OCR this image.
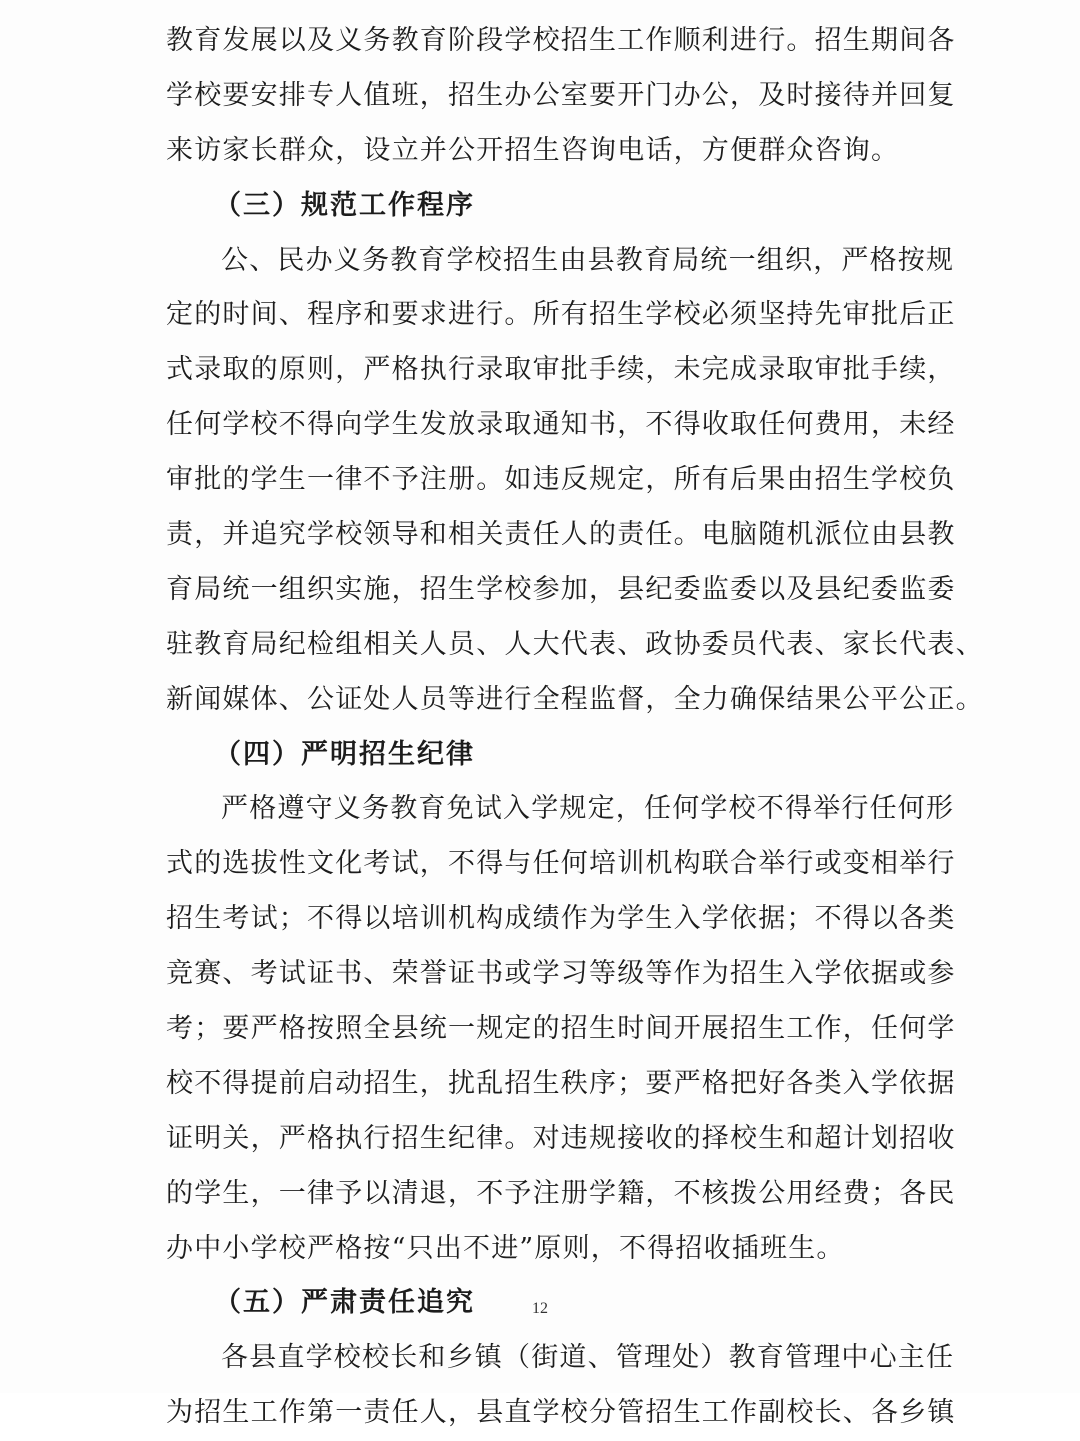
教育发展以及义务教育阶段学校招生工作顺利进行。招生期间各
学校要安排专人值班，招生办公室要开门办公，及时接待并回复
来访家长群众，设立并公开招生咨询电话，方便群众咨询。
（三）规范工作程序
公、民办义务教育学校招生由县教育局统一组织，严格按规
定的时间、程序和要求进行。所有招生学校必须坚持先审批后正
式录取的原则，严格执行录取审批手续，未完成录取审批手续，
任何学校不得向学生发放录取通知书，不得收取任何费用，未经
审批的学生一律不予注册。如违反规定，所有后果由招生学校负
责，并追究学校领导和相关责任人的责任。电脑随机派位由县教
育局统一组织实施，招生学校参加，县纪委监委以及县纪委监委
驻教育局纪检组相关人员、人大代表、政协委员代表、家长代表、
新闻媒体、公证处人员等进行全程监督，全力确保结果公平公正。
（四）严明招生纪律
严格遵守义务教育免试入学规定，任何学校不得举行任何形
式的选拔性文化考试，不得与任何培训机构联合举行或变相举行
招生考试；不得以培训机构成绩作为学生入学依据；不得以各类
竞赛、考试证书、荣誉证书或学习等级等作为招生入学依据或参
考；要严格按照全县统一规定的招生时间开展招生工作，任何学
校不得提前启动招生，扰乱招生秩序；要严格把好各类入学依据
证明关，严格执行招生纪律。对违规接收的择校生和超计划招收
的学生，一律予以清退，不予注册学籍，不核拨公用经费；各民
办中小学校严格按“只出不进”原则，不得招收插班生。
（五）严肃责任追究
各县直学校校长和乡镇（街道、管理处）教育管理中心主任
为招生工作第一责任人，县直学校分管招生工作副校长、各乡镇
12
